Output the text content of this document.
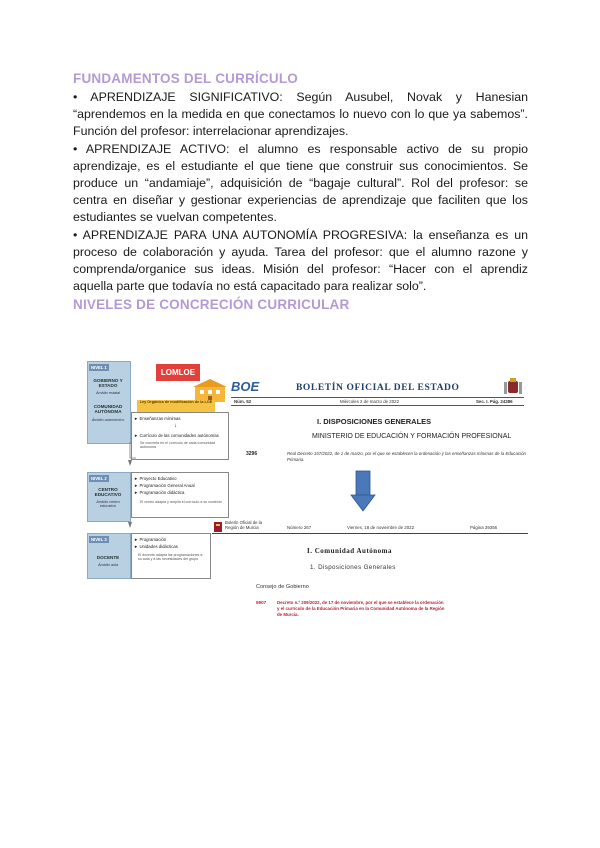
FUNDAMENTOS DEL CURRÍCULO

• APRENDIZAJE SIGNIFICATIVO: Según Ausubel, Novak y Hanesian “aprendemos en la medida en que conectamos lo nuevo con lo que ya sabemos”. Función del profesor: interrelacionar aprendizajes.

• APRENDIZAJE ACTIVO: el alumno es responsable activo de su propio aprendizaje, es el estudiante el que tiene que construir sus conocimientos. Se produce un “andamiaje”, adquisición de “bagaje cultural”. Rol del profesor: se centra en diseñar y gestionar experiencias de aprendizaje que faciliten que los estudiantes se vuelvan competentes.

• APRENDIZAJE PARA UNA AUTONOMÍA PROGRESIVA: la enseñanza es un proceso de colaboración y ayuda. Tarea del profesor: que el alumno razone y comprenda/organice sus ideas. Misión del profesor: “Hacer con el aprendiz aquella parte que todavía no está capacitado para realizar solo”.

NIVELES DE CONCRECIÓN CURRICULAR
NIVEL 1
GOBIERNO Y ESTADO
Ámbito estatal
COMUNIDAD AUTÓNOMA
Ámbito autonómico
LOMLOE
Ley Orgánica de modificación de la LOE
► Enseñanzas mínimas
↓
► Currículo de las comunidades autónomas
Se concreta en el currículo de cada comunidad autónoma
NIVEL 2
CENTRO EDUCATIVO
Ámbito centro educativo
► Proyecto Educativo
► Programación General Anual
► Programación didáctica
El centro adapta y amplía el currículo a su contexto
NIVEL 3
DOCENTE
Ámbito aula
► Programación
► Unidades didácticas
El docente adapta las programaciones a su aula y a las necesidades del grupo
BOE	BOLETÍN OFICIAL DEL ESTADO
Núm. 52	Miércoles 2 de marzo de 2022	Sec. I. Pág. 24386
I. DISPOSICIONES GENERALES
MINISTERIO DE EDUCACIÓN Y FORMACIÓN PROFESIONAL
3296	Real Decreto 157/2022, de 1 de marzo, por el que se establecen la ordenación y las enseñanzas mínimas de la Educación Primaria.
Boletín Oficial de la Región de Murcia	Número 267	Viernes, 18 de noviembre de 2022	Página 39356
I. Comunidad Autónoma
1. Disposiciones Generales
Consejo de Gobierno
5907 Decreto n.º 209/2022, de 17 de noviembre, por el que se establece la ordenación y el currículo de la Educación Primaria en la Comunidad Autónoma de la Región de Murcia.
